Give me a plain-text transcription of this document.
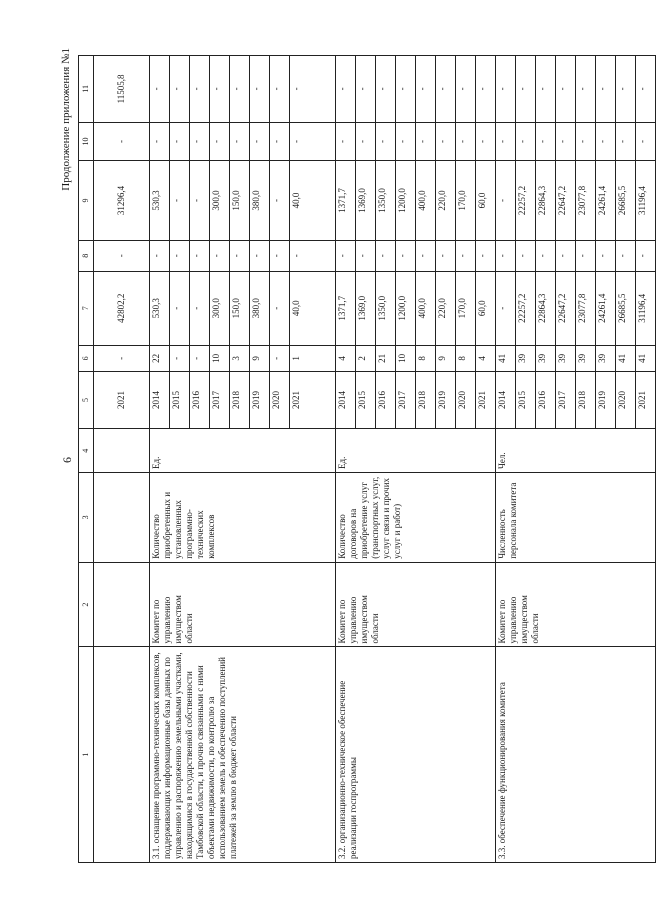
6
Продолжение приложения №1
1	2	3	4	5	6	7	8	9	10	11
				2021	-	42802,2	-	31296,4	-	11505,8
3.1. оснащение программно-технических комплексов, поддерживающих информационные базы данных по управлению и распоряжению земельными участками, находящимися в государственной собственности Тамбовской области, и прочно связанными с ними объектами недвижимости, по контролю за использованием земель и обеспечению поступлений платежей за землю в бюджет области	Комитет по управлению имуществом области	Количество приобретенных и установленных программно-технических комплексов	Ед.	2014	22	530,3	-	530,3	-	-
				2015	-	-	-	-	-	-
				2016	-	-	-	-	-	-
				2017	10	300,0	-	300,0	-	-
				2018	3	150,0	-	150,0	-	-
				2019	9	380,0	-	380,0	-	-
				2020	-	-	-	-	-	-
				2021	1	40,0	-	40,0	-	-
3.2. организационно-техническое обеспечение реализации госпрограммы	Комитет по управлению имуществом области	Количество договоров на приобретение услуг (транспортных услуг, услуг связи и прочих услуг и работ)	Ед.	2014	4	1371,7	-	1371,7	-	-
				2015	2	1369,0	-	1369,0	-	-
				2016	21	1350,0	-	1350,0	-	-
				2017	10	1200,0	-	1200,0	-	-
				2018	8	400,0	-	400,0	-	-
				2019	9	220,0	-	220,0	-	-
				2020	8	170,0	-	170,0	-	-
				2021	4	60,0	-	60,0	-	-
3.3. обеспечение функционирования комитета	Комитет по управлению имуществом области	Численность персонала комитета	Чел.	2014	41	-	-	-	-	-
				2015	39	22257,2	-	22257,2	-	-
				2016	39	22864,3	-	22864,3	-	-
				2017	39	22647,2	-	22647,2	-	-
				2018	39	23077,8	-	23077,8	-	-
				2019	39	24261,4	-	24261,4	-	-
				2020	41	26685,5	-	26685,5	-	-
				2021	41	31196,4	-	31196,4	-	-
